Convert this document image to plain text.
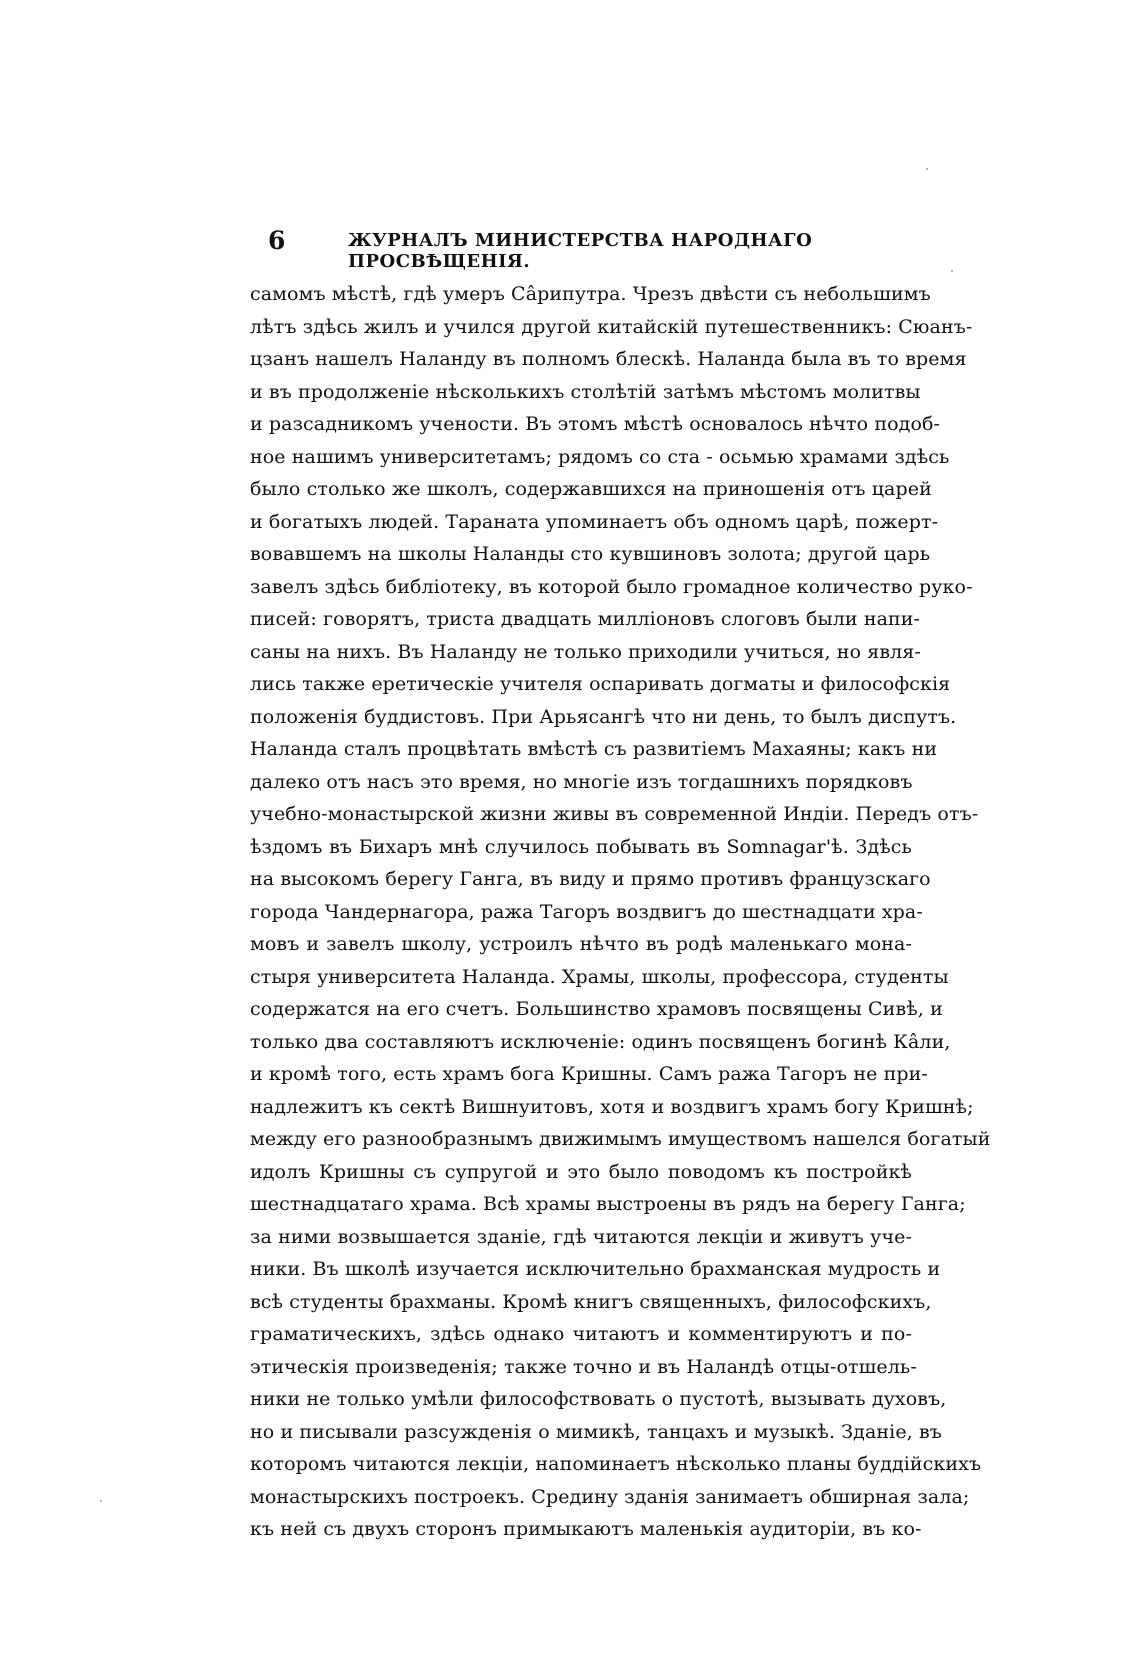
6	ЖУРНАЛЪ МИНИСТЕРСТВА НАРОДНАГО ПРОСВѢЩЕНІЯ.
самомъ мѣстѣ, гдѣ умеръ Сâрипутра. Чрезъ двѣсти съ небольшимъ
лѣтъ здѣсь жилъ и учился другой китайскій путешественникъ: Сюанъ-
цзанъ нашелъ Наланду въ полномъ блескѣ. Наланда была въ то время
и въ продолженіе нѣсколькихъ столѣтій затѣмъ мѣстомъ молитвы
и разсадникомъ учености. Въ этомъ мѣстѣ основалось нѣчто подоб-
ное нашимъ университетамъ; рядомъ со ста - осьмью храмами здѣсь
было столько же школъ, содержавшихся на приношенія отъ царей
и богатыхъ людей. Тараната упоминаетъ объ одномъ царѣ, пожерт-
вовавшемъ на школы Наланды сто кувшиновъ золота; другой царь
завелъ здѣсь библіотеку, въ которой было громадное количество руко-
писей: говорятъ, триста двадцать милліоновъ слоговъ были напи-
саны на нихъ. Въ Наланду не только приходили учиться, но явля-
лись также еретическіе учителя оспаривать догматы и философскія
положенія буддистовъ. При Арьясангѣ что ни день, то былъ диспутъ.
Наланда сталъ процвѣтать вмѣстѣ съ развитіемъ Махаяны; какъ ни
далеко отъ насъ это время, но многіе изъ тогдашнихъ порядковъ
учебно-монастырской жизни живы въ современной Индіи. Передъ отъ-
ѣздомъ въ Бихаръ мнѣ случилось побывать въ Somnagar'ѣ. Здѣсь
на высокомъ берегу Ганга, въ виду и прямо противъ французскаго
города Чандернагора, ража Тагоръ воздвигъ до шестнадцати хра-
мовъ и завелъ школу, устроилъ нѣчто въ родѣ маленькаго мона-
стыря университета Наланда. Храмы, школы, профессора, студенты
содержатся на его счетъ. Большинство храмовъ посвящены Сивѣ, и
только два составляютъ исключеніе: одинъ посвященъ богинѣ Кâли,
и кромѣ того, есть храмъ бога Кришны. Самъ ража Тагоръ не при-
надлежитъ къ сектѣ Вишнуитовъ, хотя и воздвигъ храмъ богу Кришнѣ;
между его разнообразнымъ движимымъ имуществомъ нашелся богатый
идолъ Кришны съ супругой и это было поводомъ къ постройкѣ
шестнадцатаго храма. Всѣ храмы выстроены въ рядъ на берегу Ганга;
за ними возвышается зданіе, гдѣ читаются лекціи и живутъ уче-
ники. Въ школѣ изучается исключительно брахманская мудрость и
всѣ студенты брахманы. Кромѣ книгъ священныхъ, философскихъ,
граматическихъ, здѣсь однако читаютъ и комментируютъ и по-
этическія произведенія; также точно и въ Наландѣ отцы-отшель-
ники не только умѣли философствовать о пустотѣ, вызывать духовъ,
но и писывали разсужденія о мимикѣ, танцахъ и музыкѣ. Зданіе, въ
которомъ читаются лекціи, напоминаетъ нѣсколько планы буддійскихъ
монастырскихъ построекъ. Средину зданія занимаетъ обширная зала;
къ ней съ двухъ сторонъ примыкаютъ маленькія аудиторіи, въ ко-
